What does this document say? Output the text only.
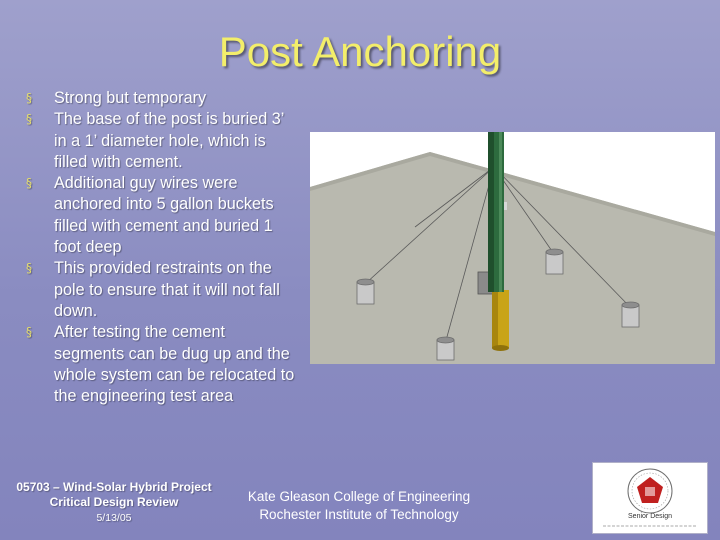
Post Anchoring
§ Strong but temporary
§ The base of the post is buried 3’ in a 1’ diameter hole, which is filled with cement.
§ Additional guy wires were anchored into 5 gallon buckets filled with cement and buried 1 foot deep
§ This provided restraints on the pole to ensure that it will not fall down.
§ After testing the cement segments can be dug up and the whole system can be relocated to the engineering test area
05703 – Wind-Solar Hybrid Project
Critical Design Review
5/13/05
Kate Gleason College of Engineering
Rochester Institute of Technology	Senior Design
